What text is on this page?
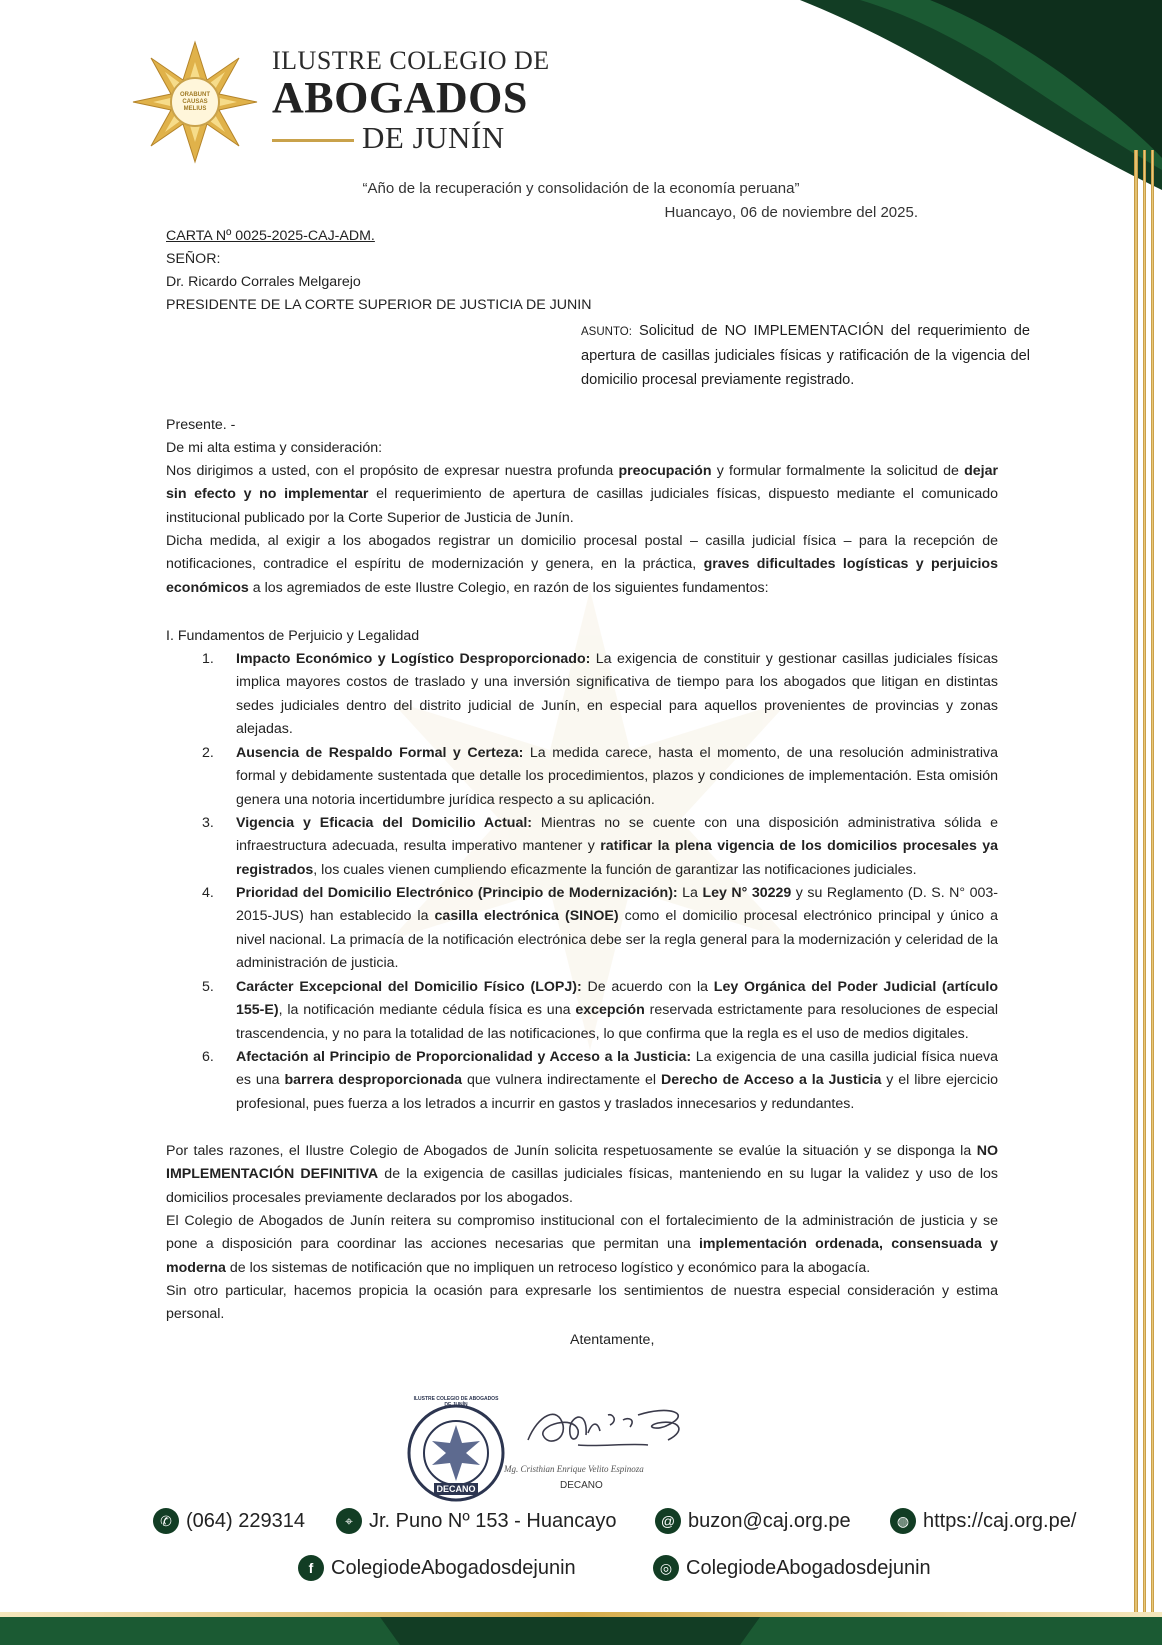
ORABUNT CAUSAS MELIUS
ILUSTRE COLEGIO DE
ABOGADOS
DE JUNÍN
“Año de la recuperación y consolidación de la economía peruana”
Huancayo, 06 de noviembre del 2025.
CARTA Nº 0025-2025-CAJ-ADM.
SEÑOR:
Dr. Ricardo Corrales Melgarejo
PRESIDENTE DE LA CORTE SUPERIOR DE JUSTICIA DE JUNIN
ASUNTO: Solicitud de NO IMPLEMENTACIÓN del requerimiento de apertura de casillas judiciales físicas y ratificación de la vigencia del domicilio procesal previamente registrado.
Presente. -
De mi alta estima y consideración:
Nos dirigimos a usted, con el propósito de expresar nuestra profunda preocupación y formular formalmente la solicitud de dejar sin efecto y no implementar el requerimiento de apertura de casillas judiciales físicas, dispuesto mediante el comunicado institucional publicado por la Corte Superior de Justicia de Junín.
Dicha medida, al exigir a los abogados registrar un domicilio procesal postal – casilla judicial física – para la recepción de notificaciones, contradice el espíritu de modernización y genera, en la práctica, graves dificultades logísticas y perjuicios económicos a los agremiados de este Ilustre Colegio, en razón de los siguientes fundamentos:
I. Fundamentos de Perjuicio y Legalidad
1.	Impacto Económico y Logístico Desproporcionado: La exigencia de constituir y gestionar casillas judiciales físicas implica mayores costos de traslado y una inversión significativa de tiempo para los abogados que litigan en distintas sedes judiciales dentro del distrito judicial de Junín, en especial para aquellos provenientes de provincias y zonas alejadas.
2.	Ausencia de Respaldo Formal y Certeza: La medida carece, hasta el momento, de una resolución administrativa formal y debidamente sustentada que detalle los procedimientos, plazos y condiciones de implementación. Esta omisión genera una notoria incertidumbre jurídica respecto a su aplicación.
3.	Vigencia y Eficacia del Domicilio Actual: Mientras no se cuente con una disposición administrativa sólida e infraestructura adecuada, resulta imperativo mantener y ratificar la plena vigencia de los domicilios procesales ya registrados, los cuales vienen cumpliendo eficazmente la función de garantizar las notificaciones judiciales.
4.	Prioridad del Domicilio Electrónico (Principio de Modernización): La Ley N° 30229 y su Reglamento (D. S. N° 003-2015-JUS) han establecido la casilla electrónica (SINOE) como el domicilio procesal electrónico principal y único a nivel nacional. La primacía de la notificación electrónica debe ser la regla general para la modernización y celeridad de la administración de justicia.
5.	Carácter Excepcional del Domicilio Físico (LOPJ): De acuerdo con la Ley Orgánica del Poder Judicial (artículo 155-E), la notificación mediante cédula física es una excepción reservada estrictamente para resoluciones de especial trascendencia, y no para la totalidad de las notificaciones, lo que confirma que la regla es el uso de medios digitales.
6.	Afectación al Principio de Proporcionalidad y Acceso a la Justicia: La exigencia de una casilla judicial física nueva es una barrera desproporcionada que vulnera indirectamente el Derecho de Acceso a la Justicia y el libre ejercicio profesional, pues fuerza a los letrados a incurrir en gastos y traslados innecesarios y redundantes.
Por tales razones, el Ilustre Colegio de Abogados de Junín solicita respetuosamente se evalúe la situación y se disponga la NO IMPLEMENTACIÓN DEFINITIVA de la exigencia de casillas judiciales físicas, manteniendo en su lugar la validez y uso de los domicilios procesales previamente declarados por los abogados.
El Colegio de Abogados de Junín reitera su compromiso institucional con el fortalecimiento de la administración de justicia y se pone a disposición para coordinar las acciones necesarias que permitan una implementación ordenada, consensuada y moderna de los sistemas de notificación que no impliquen un retroceso logístico y económico para la abogacía.
Sin otro particular, hacemos propicia la ocasión para expresarle los sentimientos de nuestra especial consideración y estima personal.
Atentamente,
ILUSTRE COLEGIO DE ABOGADOS DE JUNÍN
DECANO
Mg. Cristhian Enrique Velito Espinoza
DECANO
✆ (064) 229314	⌖ Jr. Puno Nº 153 - Huancayo	@ buzon@caj.org.pe	◍ https://caj.org.pe/
f ColegiodeAbogadosdejunin	◎ ColegiodeAbogadosdejunin
